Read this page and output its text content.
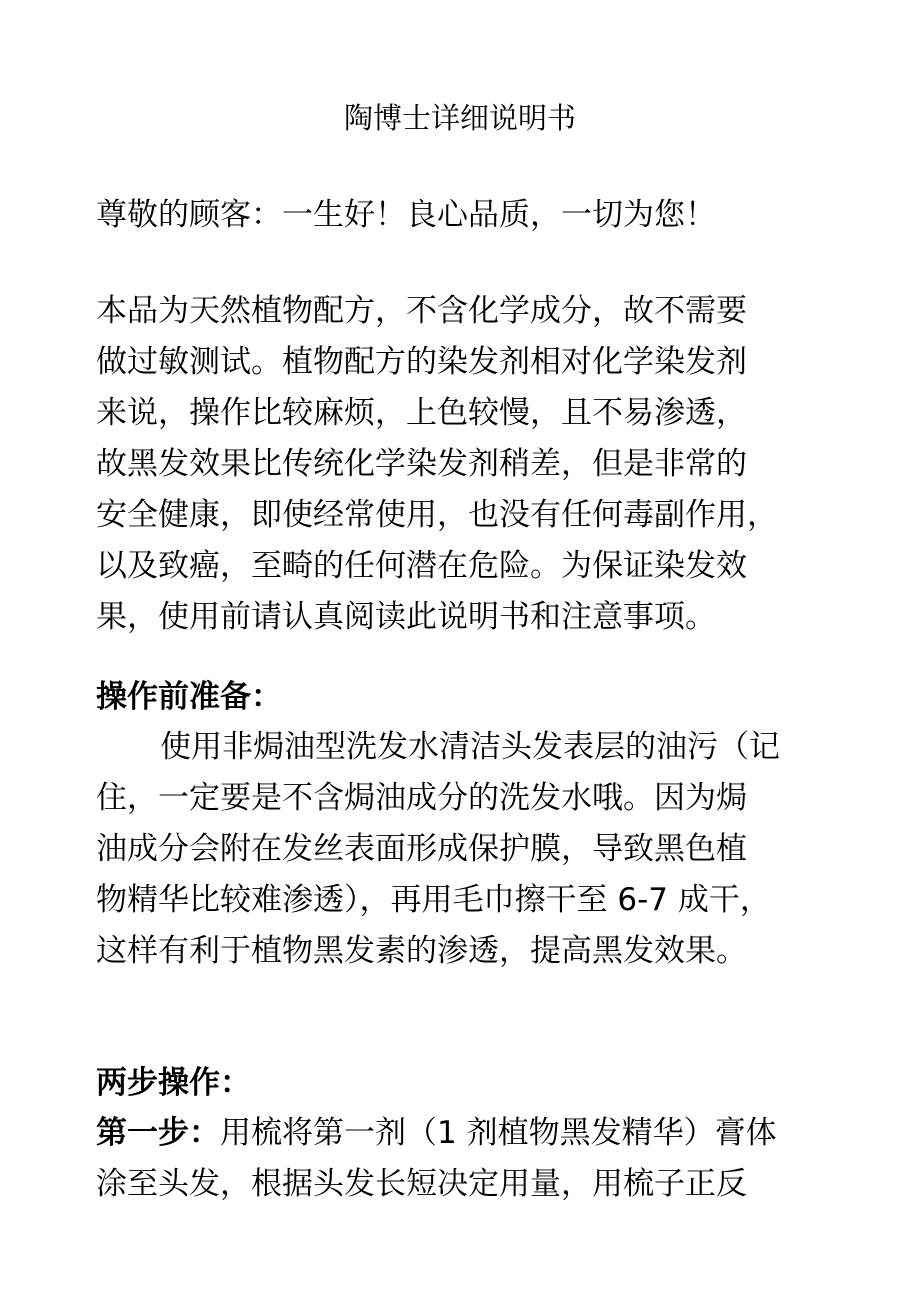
陶博士详细说明书

尊敬的顾客：一生好！良心品质，一切为您！

本品为天然植物配方，不含化学成分，故不需要
做过敏测试。植物配方的染发剂相对化学染发剂
来说，操作比较麻烦，上色较慢，且不易渗透，
故黑发效果比传统化学染发剂稍差，但是非常的
安全健康，即使经常使用，也没有任何毒副作用，
以及致癌，至畸的任何潜在危险。为保证染发效
果，使用前请认真阅读此说明书和注意事项。

操作前准备：

使用非焗油型洗发水清洁头发表层的油污（记
住，一定要是不含焗油成分的洗发水哦。因为焗
油成分会附在发丝表面形成保护膜，导致黑色植
物精华比较难渗透），再用毛巾擦干至 6-7 成干，
这样有利于植物黑发素的渗透，提高黑发效果。

两步操作：

第一步：用梳将第一剂（1 剂植物黑发精华）膏体
涂至头发，根据头发长短决定用量，用梳子正反
